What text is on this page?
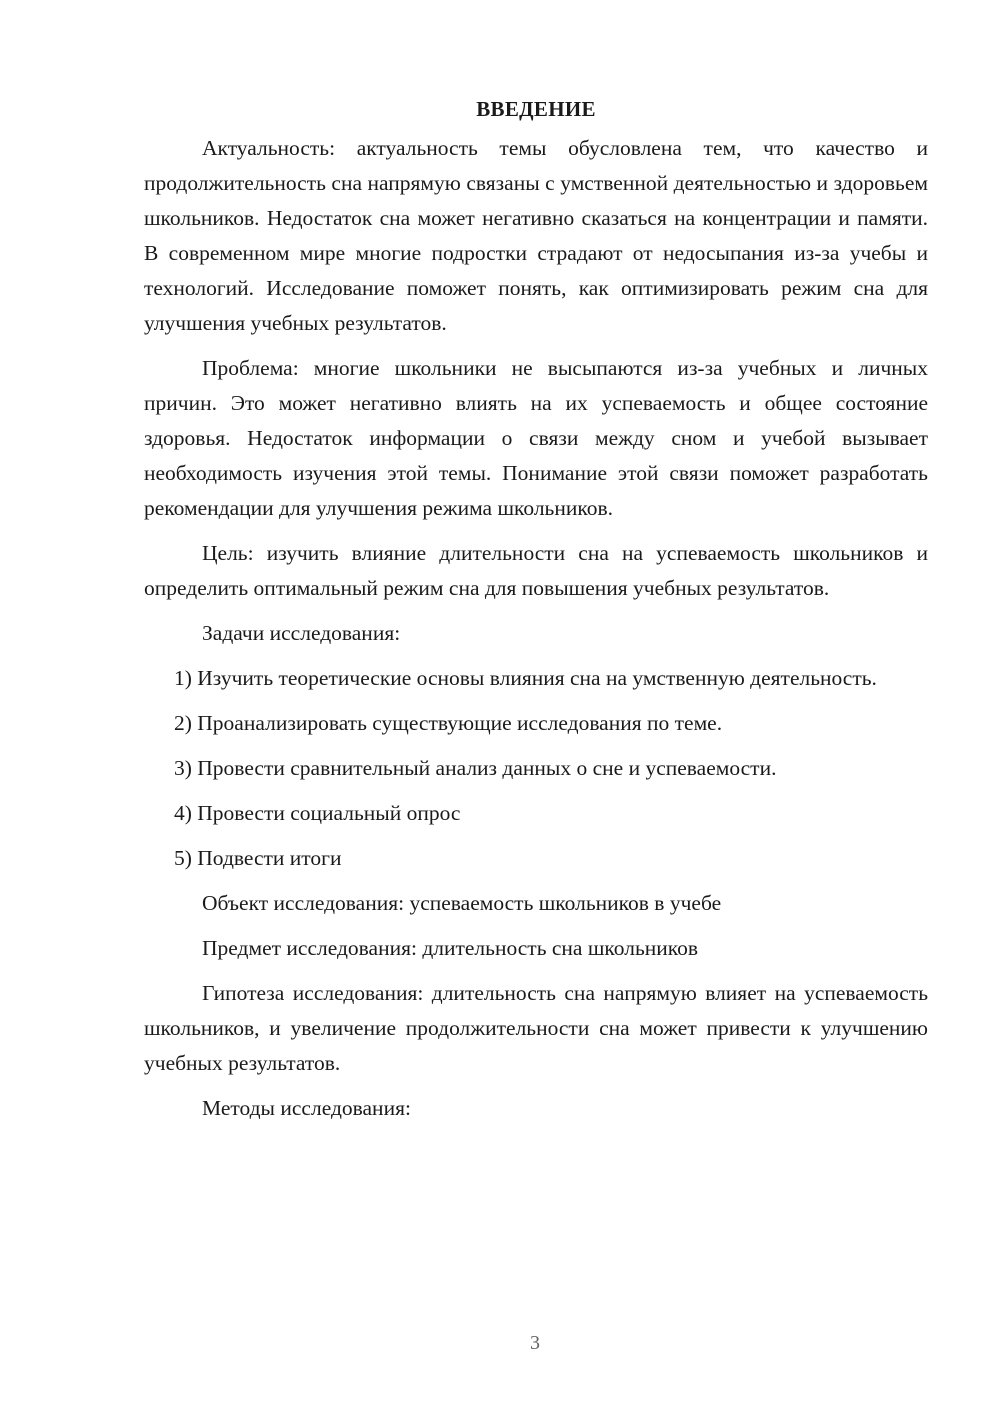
ВВЕДЕНИЕ

Актуальность: актуальность темы обусловлена тем, что качество и продолжительность сна напрямую связаны с умственной деятельностью и здоровьем школьников. Недостаток сна может негативно сказаться на концентрации и памяти. В современном мире многие подростки страдают от недосыпания из-за учебы и технологий. Исследование поможет понять, как оптимизировать режим сна для улучшения учебных результатов.

Проблема: многие школьники не высыпаются из-за учебных и личных причин. Это может негативно влиять на их успеваемость и общее состояние здоровья. Недостаток информации о связи между сном и учебой вызывает необходимость изучения этой темы. Понимание этой связи поможет разработать рекомендации для улучшения режима школьников.

Цель: изучить влияние длительности сна на успеваемость школьников и определить оптимальный режим сна для повышения учебных результатов.

Задачи исследования:

1) Изучить теоретические основы влияния сна на умственную деятельность.

2) Проанализировать существующие исследования по теме.

3) Провести сравнительный анализ данных о сне и успеваемости.

4) Провести социальный опрос

5) Подвести итоги

Объект исследования: успеваемость школьников в учебе

Предмет исследования: длительность сна школьников

Гипотеза исследования: длительность сна напрямую влияет на успеваемость школьников, и увеличение продолжительности сна может привести к улучшению учебных результатов.

Методы исследования:

3
